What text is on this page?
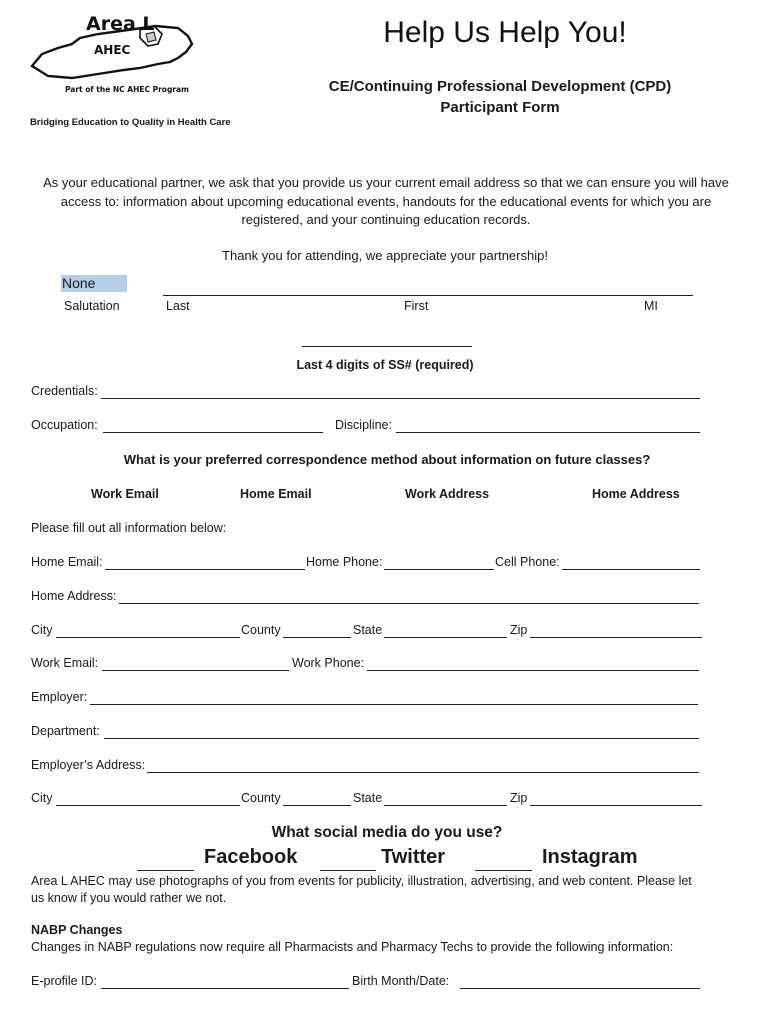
Area L
AHEC
Part of the NC AHEC Program
Bridging Education to Quality in Health Care
Help Us Help You!
CE/Continuing Professional Development (CPD) Participant Form
As your educational partner, we ask that you provide us your current email address so that we can ensure you will have access to: information about upcoming educational events, handouts for the educational events for which you are registered, and your continuing education records.
Thank you for attending, we appreciate your partnership!
None
Salutation	Last	First	MI
Last 4 digits of SS# (required)
Credentials:
Occupation:	Discipline:
What is your preferred correspondence method about information on future classes?
Work Email	Home Email	Work Address	Home Address
Please fill out all information below:
Home Email:	Home Phone:	Cell Phone:
Home Address:
City	County	State	Zip
Work Email:	Work Phone:
Employer:
Department:
Employer’s Address:
City	County	State	Zip
What social media do you use?
Facebook	Twitter	Instagram
Area L AHEC may use photographs of you from events for publicity, illustration, advertising, and web content. Please let us know if you would rather we not.
NABP Changes
Changes in NABP regulations now require all Pharmacists and Pharmacy Techs to provide the following information:
E-profile ID:	Birth Month/Date:
